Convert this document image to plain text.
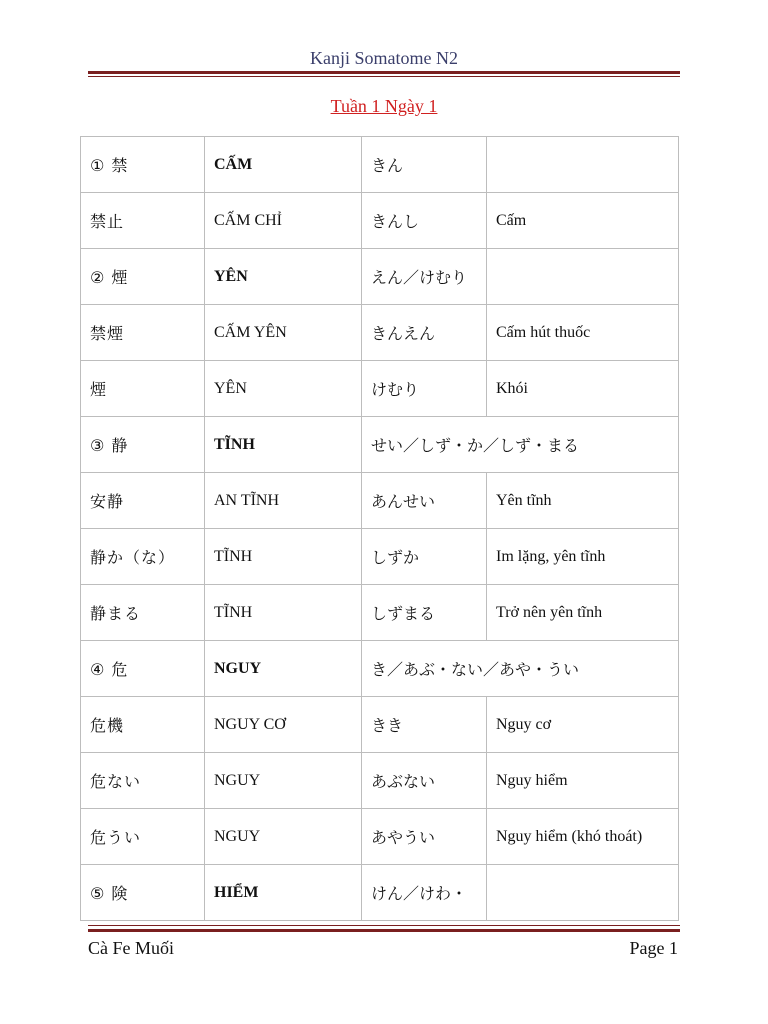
Kanji Somatome N2
Tuần 1 Ngày 1
① 禁	CẤM	きん	
禁止	CẤM CHỈ	きんし	Cấm
② 煙	YÊN	えん／けむり	
禁煙	CẤM YÊN	きんえん	Cấm hút thuốc
煙	YÊN	けむり	Khói
③ 静	TĨNH	せい／しず・か／しず・まる	
安静	AN TĨNH	あんせい	Yên tĩnh
静か（な）	TĨNH	しずか	Im lặng, yên tĩnh
静まる	TĨNH	しずまる	Trở nên yên tĩnh
④ 危	NGUY	き／あぶ・ない／あや・うい	
危機	NGUY CƠ	きき	Nguy cơ
危ない	NGUY	あぶない	Nguy hiểm
危うい	NGUY	あやうい	Nguy hiểm (khó thoát)
⑤ 険	HIỂM	けん／けわ・	
Cà Fe Muối	Page 1
